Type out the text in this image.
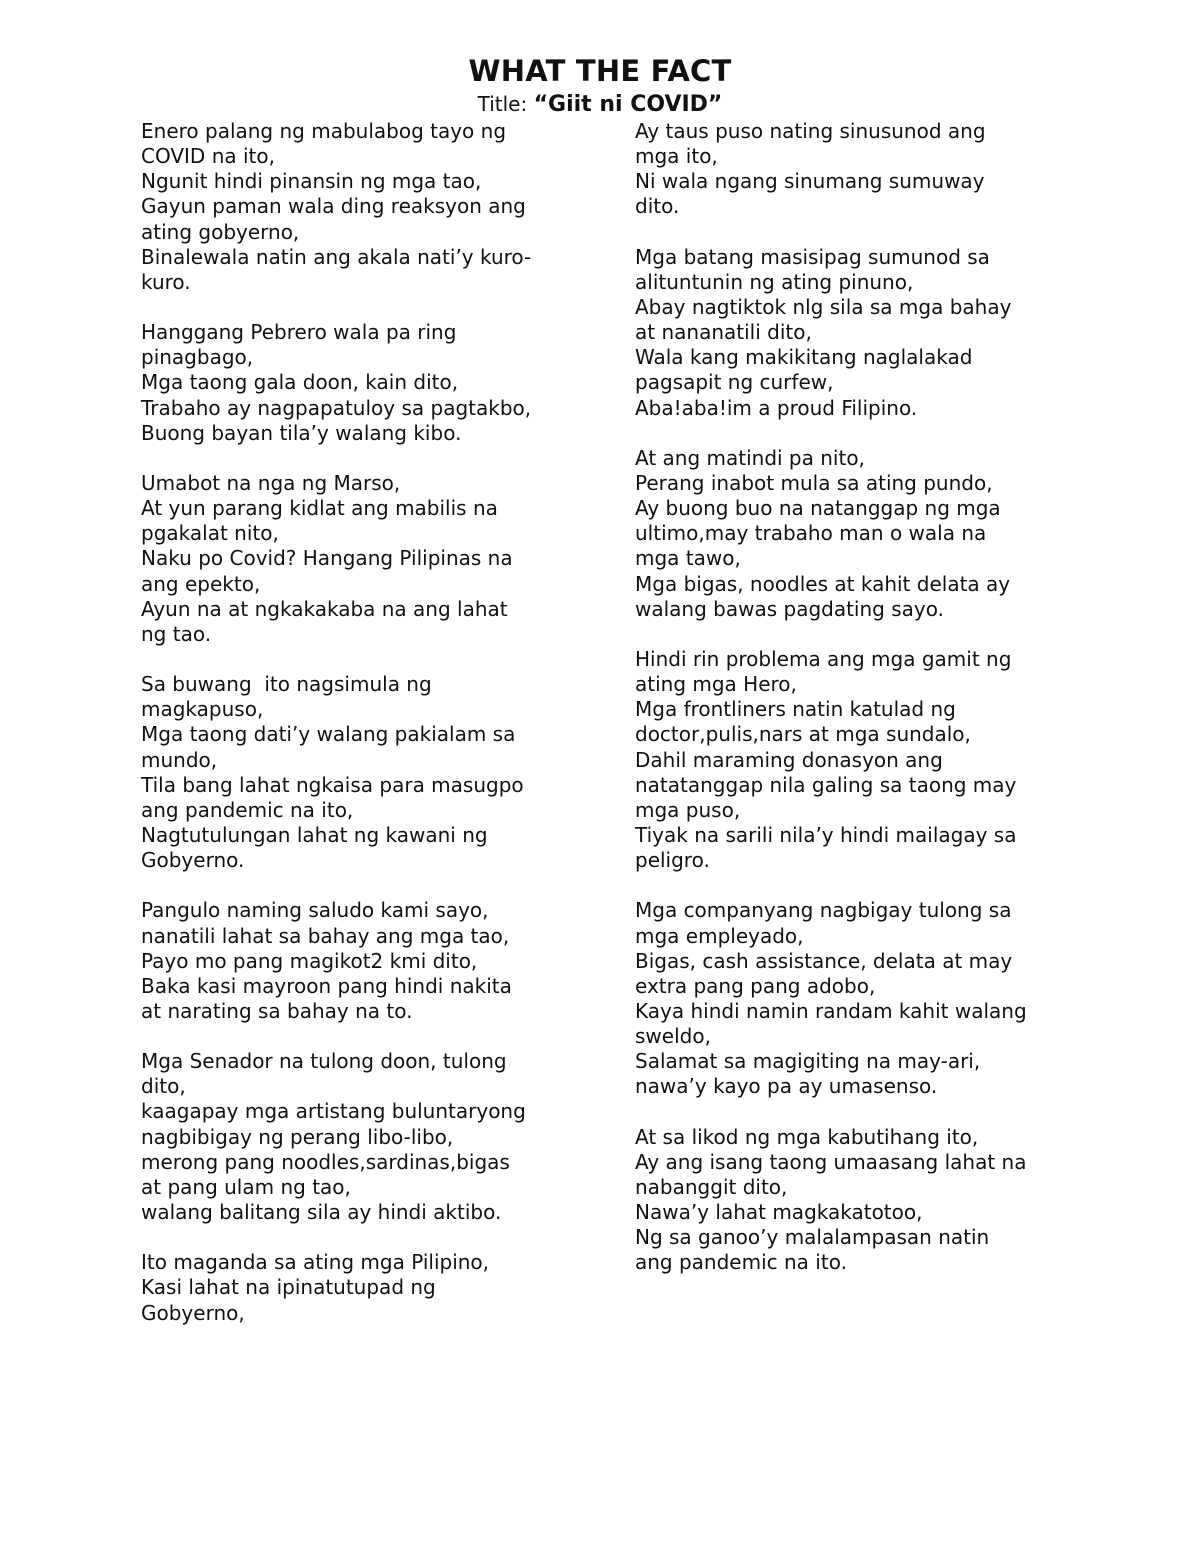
WHAT THE FACT
Title: “Giit ni COVID”
Enero palang ng mabulabog tayo ng
COVID na ito,
Ngunit hindi pinansin ng mga tao,
Gayun paman wala ding reaksyon ang
ating gobyerno,
Binalewala natin ang akala nati’y kuro-
kuro.
Hanggang Pebrero wala pa ring
pinagbago,
Mga taong gala doon, kain dito,
Trabaho ay nagpapatuloy sa pagtakbo,
Buong bayan tila’y walang kibo.
Umabot na nga ng Marso,
At yun parang kidlat ang mabilis na
pgakalat nito,
Naku po Covid? Hangang Pilipinas na
ang epekto,
Ayun na at ngkakakaba na ang lahat
ng tao.
Sa buwang  ito nagsimula ng
magkapuso,
Mga taong dati’y walang pakialam sa
mundo,
Tila bang lahat ngkaisa para masugpo
ang pandemic na ito,
Nagtutulungan lahat ng kawani ng
Gobyerno.
Pangulo naming saludo kami sayo,
nanatili lahat sa bahay ang mga tao,
Payo mo pang magikot2 kmi dito,
Baka kasi mayroon pang hindi nakita
at narating sa bahay na to.
Mga Senador na tulong doon, tulong
dito,
kaagapay mga artistang buluntaryong
nagbibigay ng perang libo-libo,
merong pang noodles,sardinas,bigas
at pang ulam ng tao,
walang balitang sila ay hindi aktibo.
Ito maganda sa ating mga Pilipino,
Kasi lahat na ipinatutupad ng
Gobyerno,
Ay taus puso nating sinusunod ang
mga ito,
Ni wala ngang sinumang sumuway
dito.
Mga batang masisipag sumunod sa
alituntunin ng ating pinuno,
Abay nagtiktok nlg sila sa mga bahay
at nananatili dito,
Wala kang makikitang naglalakad
pagsapit ng curfew,
Aba!aba!im a proud Filipino.
At ang matindi pa nito,
Perang inabot mula sa ating pundo,
Ay buong buo na natanggap ng mga
ultimo,may trabaho man o wala na
mga tawo,
Mga bigas, noodles at kahit delata ay
walang bawas pagdating sayo.
Hindi rin problema ang mga gamit ng
ating mga Hero,
Mga frontliners natin katulad ng
doctor,pulis,nars at mga sundalo,
Dahil maraming donasyon ang
natatanggap nila galing sa taong may
mga puso,
Tiyak na sarili nila’y hindi mailagay sa
peligro.
Mga companyang nagbigay tulong sa
mga empleyado,
Bigas, cash assistance, delata at may
extra pang pang adobo,
Kaya hindi namin randam kahit walang
sweldo,
Salamat sa magigiting na may-ari,
nawa’y kayo pa ay umasenso.
At sa likod ng mga kabutihang ito,
Ay ang isang taong umaasang lahat na
nabanggit dito,
Nawa’y lahat magkakatotoo,
Ng sa ganoo’y malalampasan natin
ang pandemic na ito.
